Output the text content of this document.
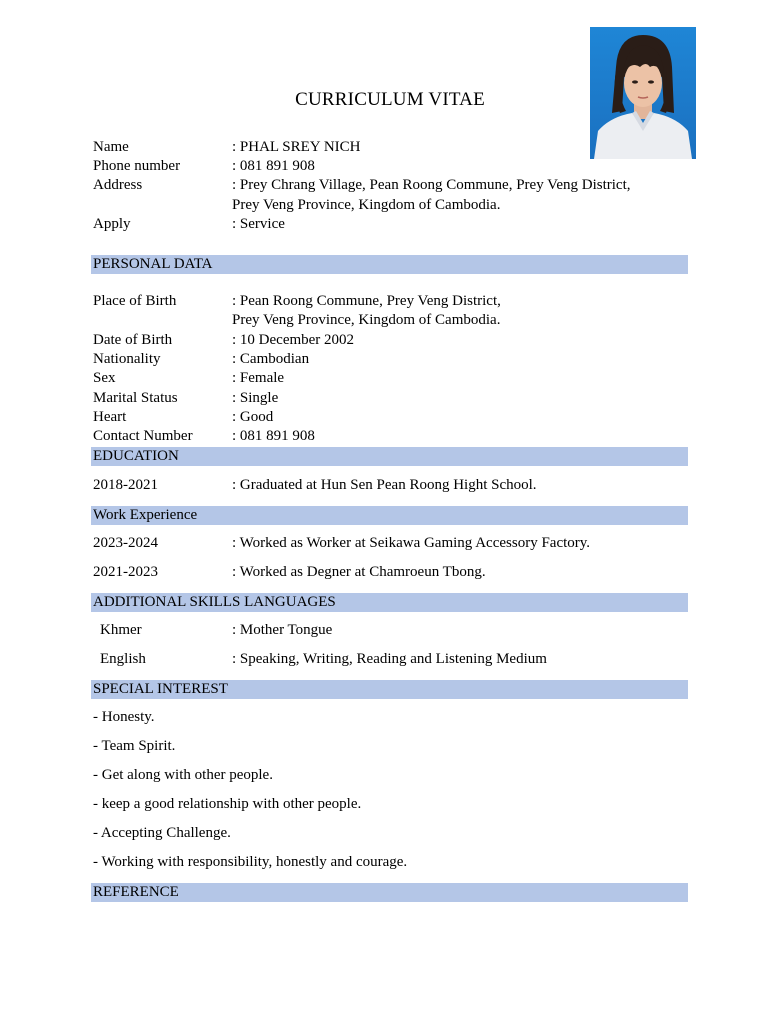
CURRICULUM VITAE
Name	: PHAL SREY NICH
Phone number	: 081 891 908
Address	: Prey Chrang Village, Pean Roong Commune, Prey Veng District,
Prey Veng Province, Kingdom of Cambodia.
Apply	: Service
PERSONAL DATA
Place of Birth	: Pean Roong Commune, Prey Veng District,
Prey Veng Province, Kingdom of Cambodia.
Date of Birth	: 10 December 2002
Nationality	: Cambodian
Sex	: Female
Marital Status	: Single
Heart	: Good
Contact Number	: 081 891 908
EDUCATION
2018-2021	: Graduated at Hun Sen Pean Roong Hight School.
Work Experience
2023-2024	: Worked as Worker at Seikawa Gaming Accessory Factory.
2021-2023	: Worked as Degner at Chamroeun Tbong.
ADDITIONAL SKILLS LANGUAGES
Khmer	: Mother Tongue
English	: Speaking, Writing, Reading and Listening Medium
SPECIAL INTEREST
- Honesty.
- Team Spirit.
- Get along with other people.
- keep a good relationship with other people.
- Accepting Challenge.
- Working with responsibility, honestly and courage.
REFERENCE
